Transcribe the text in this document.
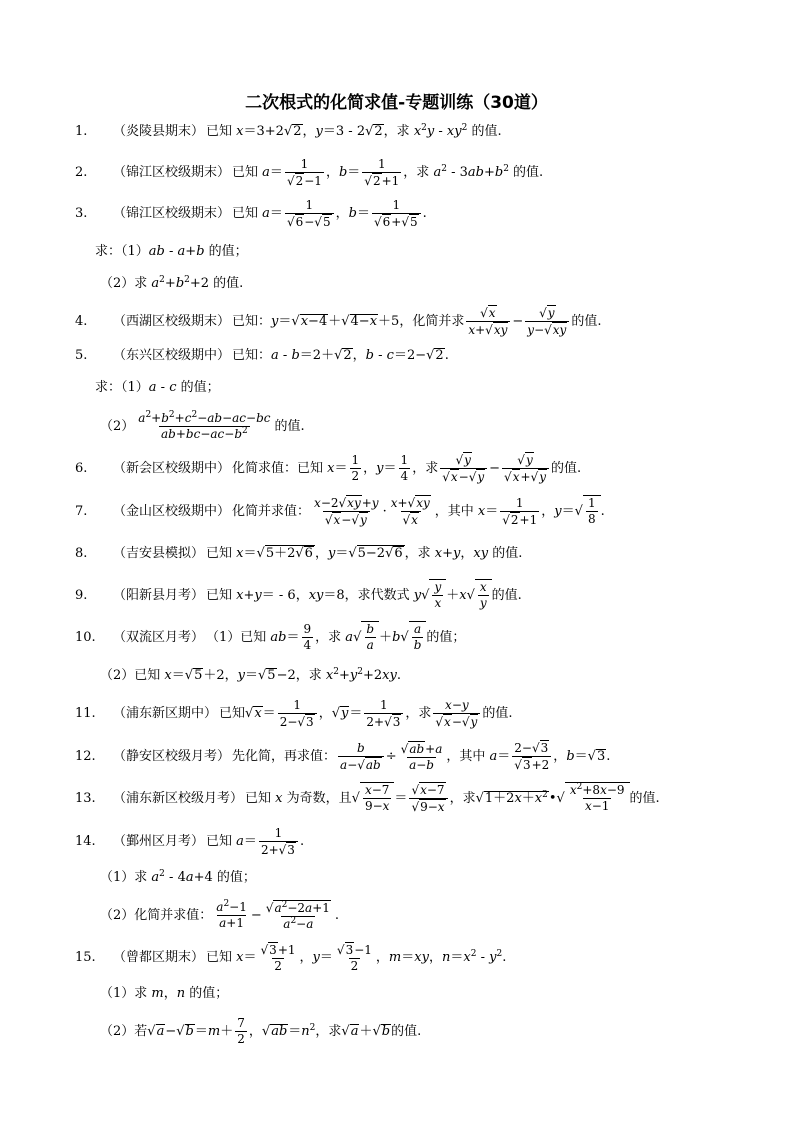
二次根式的化简求值-专题训练（30道）
1.	（炎陵县期末） 已知 x＝3+2 √ 2，y＝3 - 2 √ 2，求 $x^2y - xy^2$ 的值.
2.	（锦江区校级期末） 已知 a＝ 1
√ 2−1 ，b＝ 1
√ 2+1 ，求 $a^2 - 3ab+b^2$ 的值.
3.	（锦江区校级期末） 已知 a＝ 1
√ 6− √ 5 ，b＝ 1
√ 6+ √ 5 .
求：（1）ab - a+b 的值；
（2）求 $a^2+b^2+2$ 的值.
4.	（西湖区校级期末） 已知：y＝ √ x−4＋ √ 4−x＋5，化简并求 √ $\frac{x}{x+ √ xy}$ − √ $\frac{y}{y- √ xy}$ 的值.
5.	（东兴区校级期中） 已知：a - b＝2＋ √ 2，b - c＝2− √ 2.
求：（1）a - c 的值；
$(2) \frac{a^2+b^2+c^2-ab-ac-bc}{ab+bc-ac-b^2}$ 的值.
6.	（新会区校级期中） 化简求值：已知 $x= \frac{1}{2}$ ，$y= \frac{1}{4}$ ，求 √ y
√ x− √ y − √ y
√ x+ √ y 的值.
7.	（金山区校级期中） 化简并求值： x−2 √ xy+y
√ x− √ y · x+ √ xy
√ x ，其中 x＝ 1
√ 2+1 ，y＝ √ $\frac{1}{8}$ .
8.	（吉安县模拟） 已知 x＝ √ 5＋2 √ 6 ，y＝ √ 5−2 √ 6 ，求 x+y，xy 的值.
9.	（阳新县月考） 已知 x+y＝ - 6，xy＝8，求代数式 y √ $\frac{y}{x} +x$ √ $\frac{x}{y}$ 的值.
10.	（双流区月考） （1）已知 $ab= \frac{9}{4}$ ，求 a √ $\frac{b}{a} +b$ √ $\frac{a}{b}$ 的值；
（2）已知 x＝ √ 5＋2，y＝ √ 5−2，求 $x^2+y^2+2xy$.
11.	（浦东新区期中） 已知 √ $x= \frac{1}{2- √ 3}$ ， √ $y= \frac{1}{2+ √ 3}$ ，求 x−y
√ x− √ y 的值.
12.	（静安区校级月考） 先化简，再求值： $\frac{b}{a- √ ab}$ ÷ √ $\frac{ab+a}{a-b}$ ，其中 a＝ 2− √ 3
√ 3+2 ，b＝ √ 3.
13.	（浦东新区校级月考） 已知 x 为奇数，且 √ $\frac{x-7}{9-x}$ ＝ √ x−7
√ 9−x ，求 √ $1+2x+x^2•$ √ $\frac{x^2+8x-9}{x-1}$ 的值.
14.	（鄞州区月考） 已知 $a= \frac{1}{2+ √ 3}$ .
（1）求 $a^2 - 4a+4$ 的值；
（2）化简并求值： $\frac{a^2-1}{a+1}$ − √ $\frac{a^2-2a+1}{a^2-a}$ .
15.	（曾都区期末） 已知 x＝ √ $\frac{3+1}{2}$ ，y＝ √ $\frac{3-1}{2}$ ，m＝xy，$n=x^2 - y^2$.
（1）求 m，n 的值；
（2）若 √ a− √ $b=m+ \frac{7}{2}$ ， √ $ab=n^2$，求 √ a＋ √ b的值.
